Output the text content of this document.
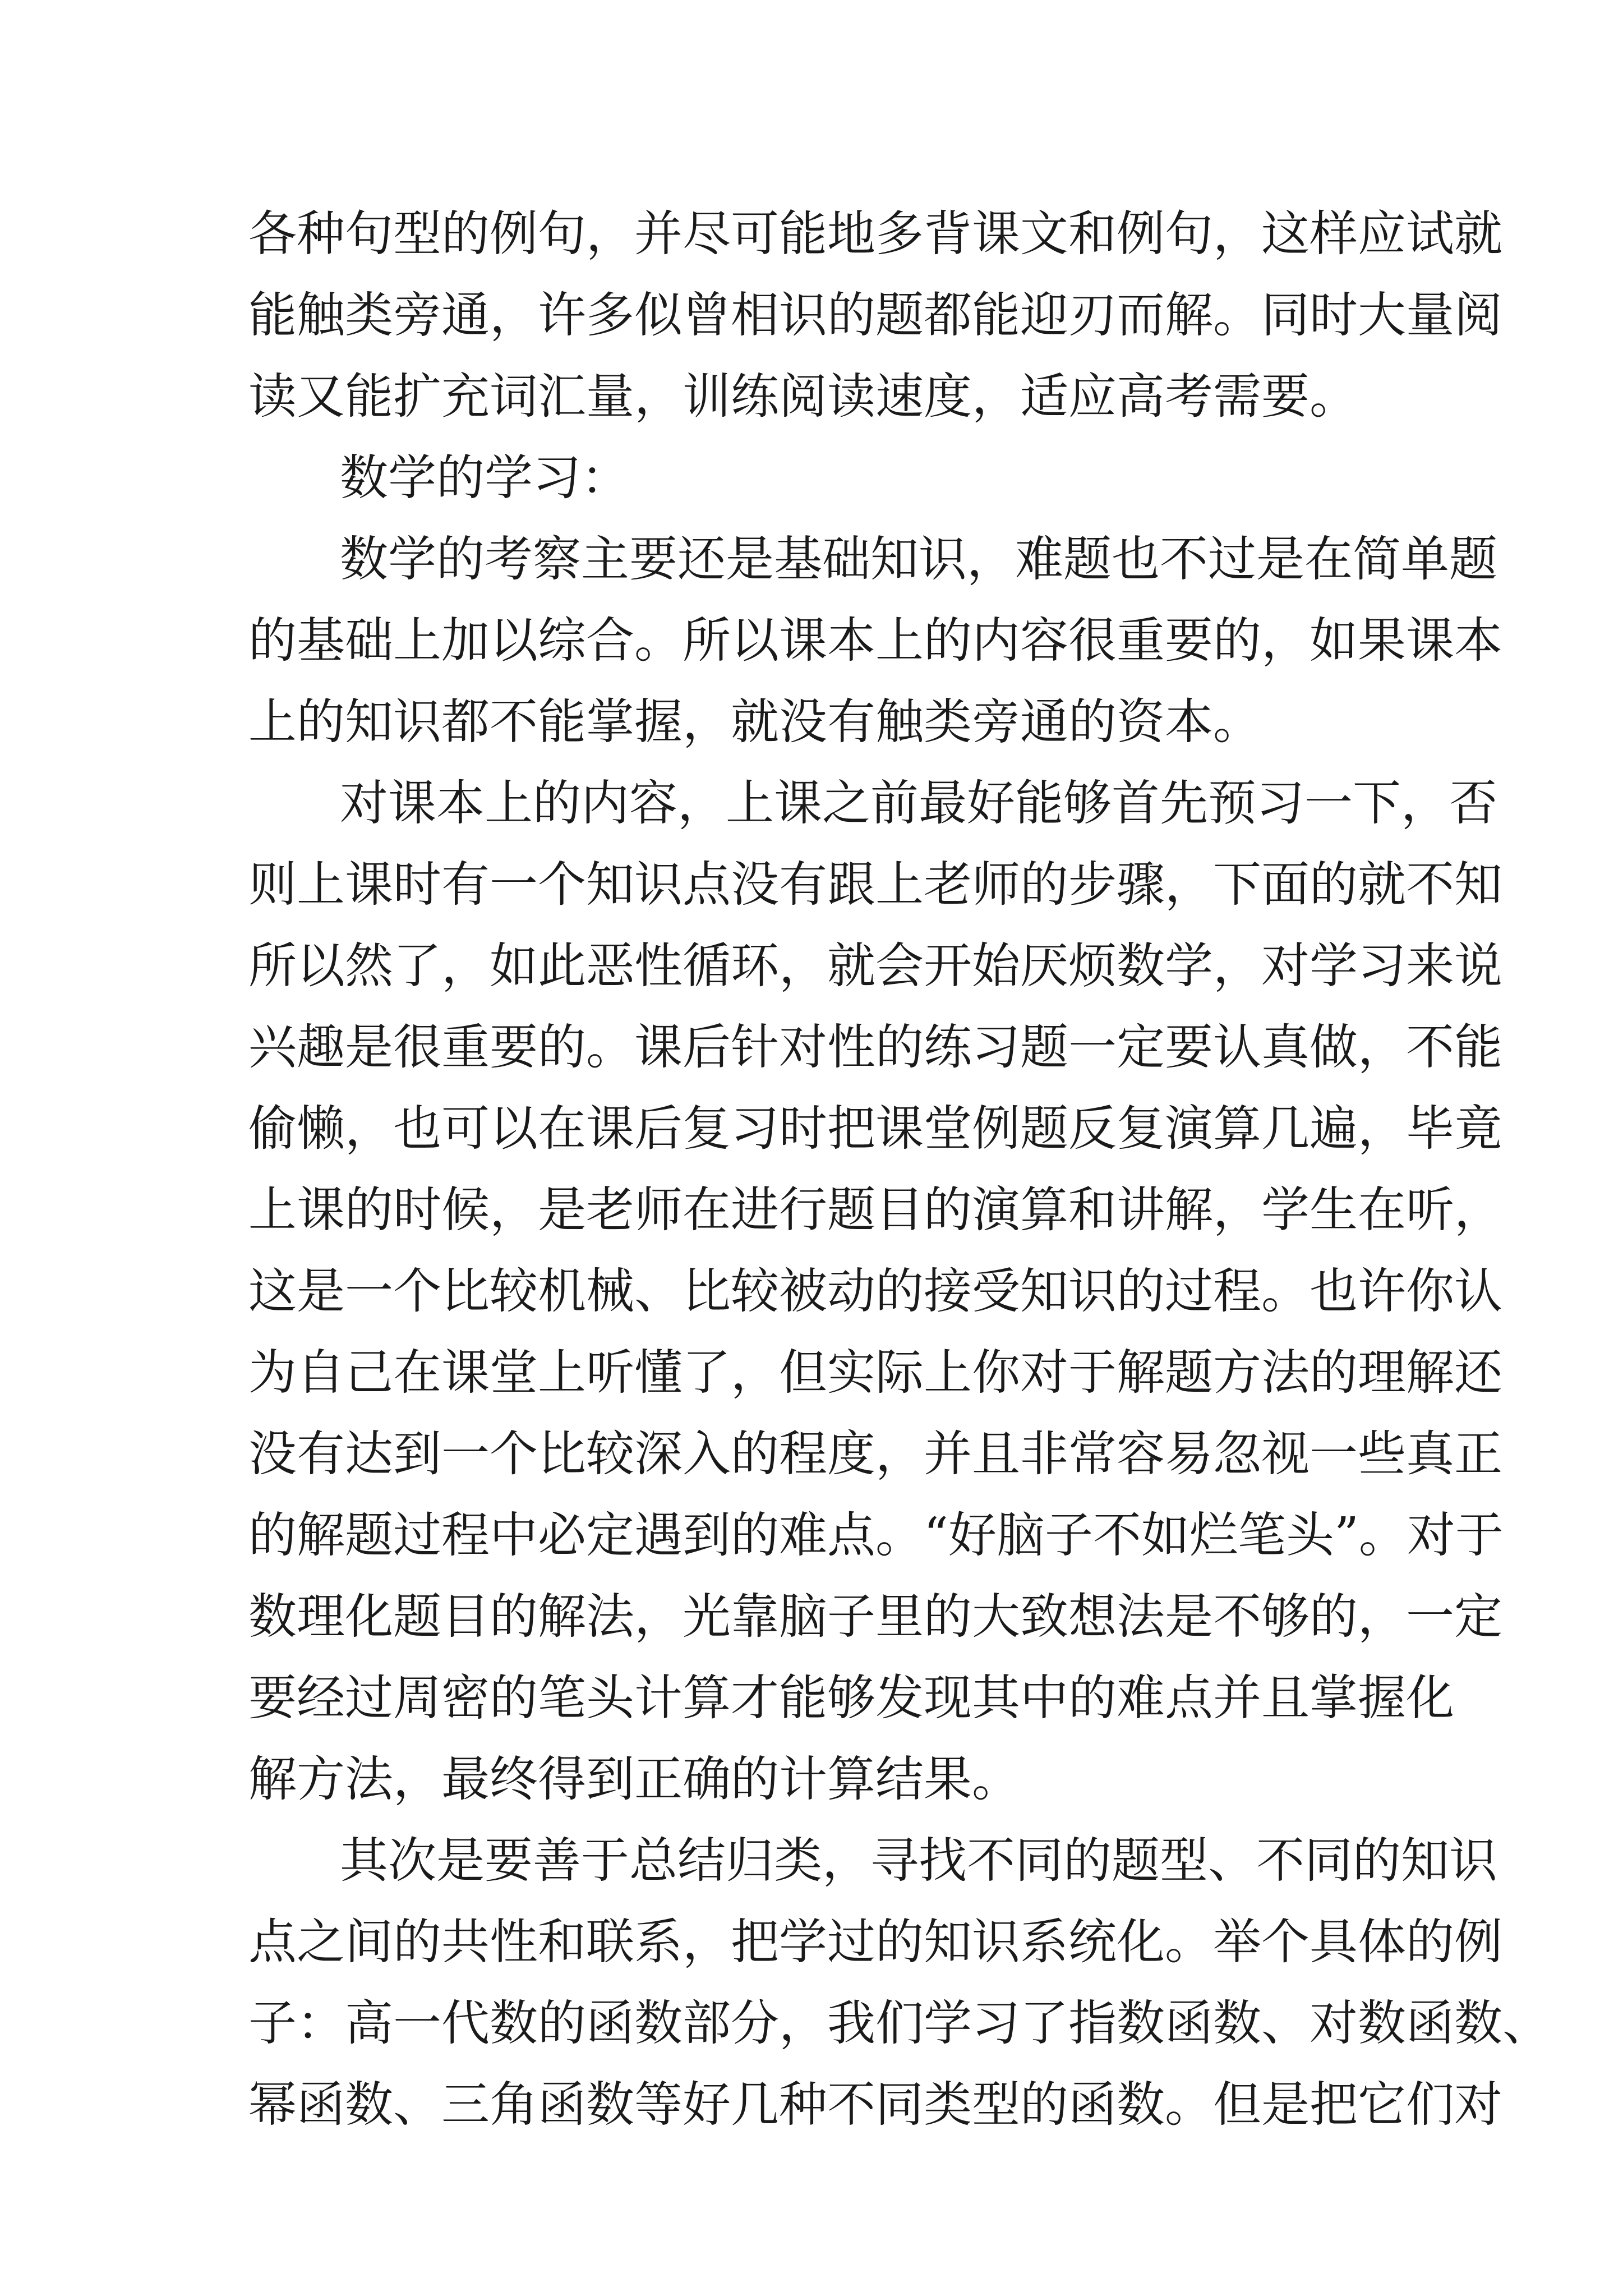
各种句型的例句，并尽可能地多背课文和例句，这样应试就
能触类旁通，许多似曾相识的题都能迎刃而解。同时大量阅
读又能扩充词汇量，训练阅读速度，适应高考需要。
数学的学习：
数学的考察主要还是基础知识，难题也不过是在简单题
的基础上加以综合。所以课本上的内容很重要的，如果课本
上的知识都不能掌握，就没有触类旁通的资本。
对课本上的内容，上课之前最好能够首先预习一下，否
则上课时有一个知识点没有跟上老师的步骤，下面的就不知
所以然了，如此恶性循环，就会开始厌烦数学，对学习来说
兴趣是很重要的。课后针对性的练习题一定要认真做，不能
偷懒，也可以在课后复习时把课堂例题反复演算几遍，毕竟
上课的时候，是老师在进行题目的演算和讲解，学生在听，
这是一个比较机械、比较被动的接受知识的过程。也许你认
为自己在课堂上听懂了，但实际上你对于解题方法的理解还
没有达到一个比较深入的程度，并且非常容易忽视一些真正
的解题过程中必定遇到的难点。“好脑子不如烂笔头”。对于
数理化题目的解法，光靠脑子里的大致想法是不够的，一定
要经过周密的笔头计算才能够发现其中的难点并且掌握化
解方法，最终得到正确的计算结果。
其次是要善于总结归类，寻找不同的题型、不同的知识
点之间的共性和联系，把学过的知识系统化。举个具体的例
子：高一代数的函数部分，我们学习了指数函数、对数函数、
幂函数、三角函数等好几种不同类型的函数。但是把它们对
